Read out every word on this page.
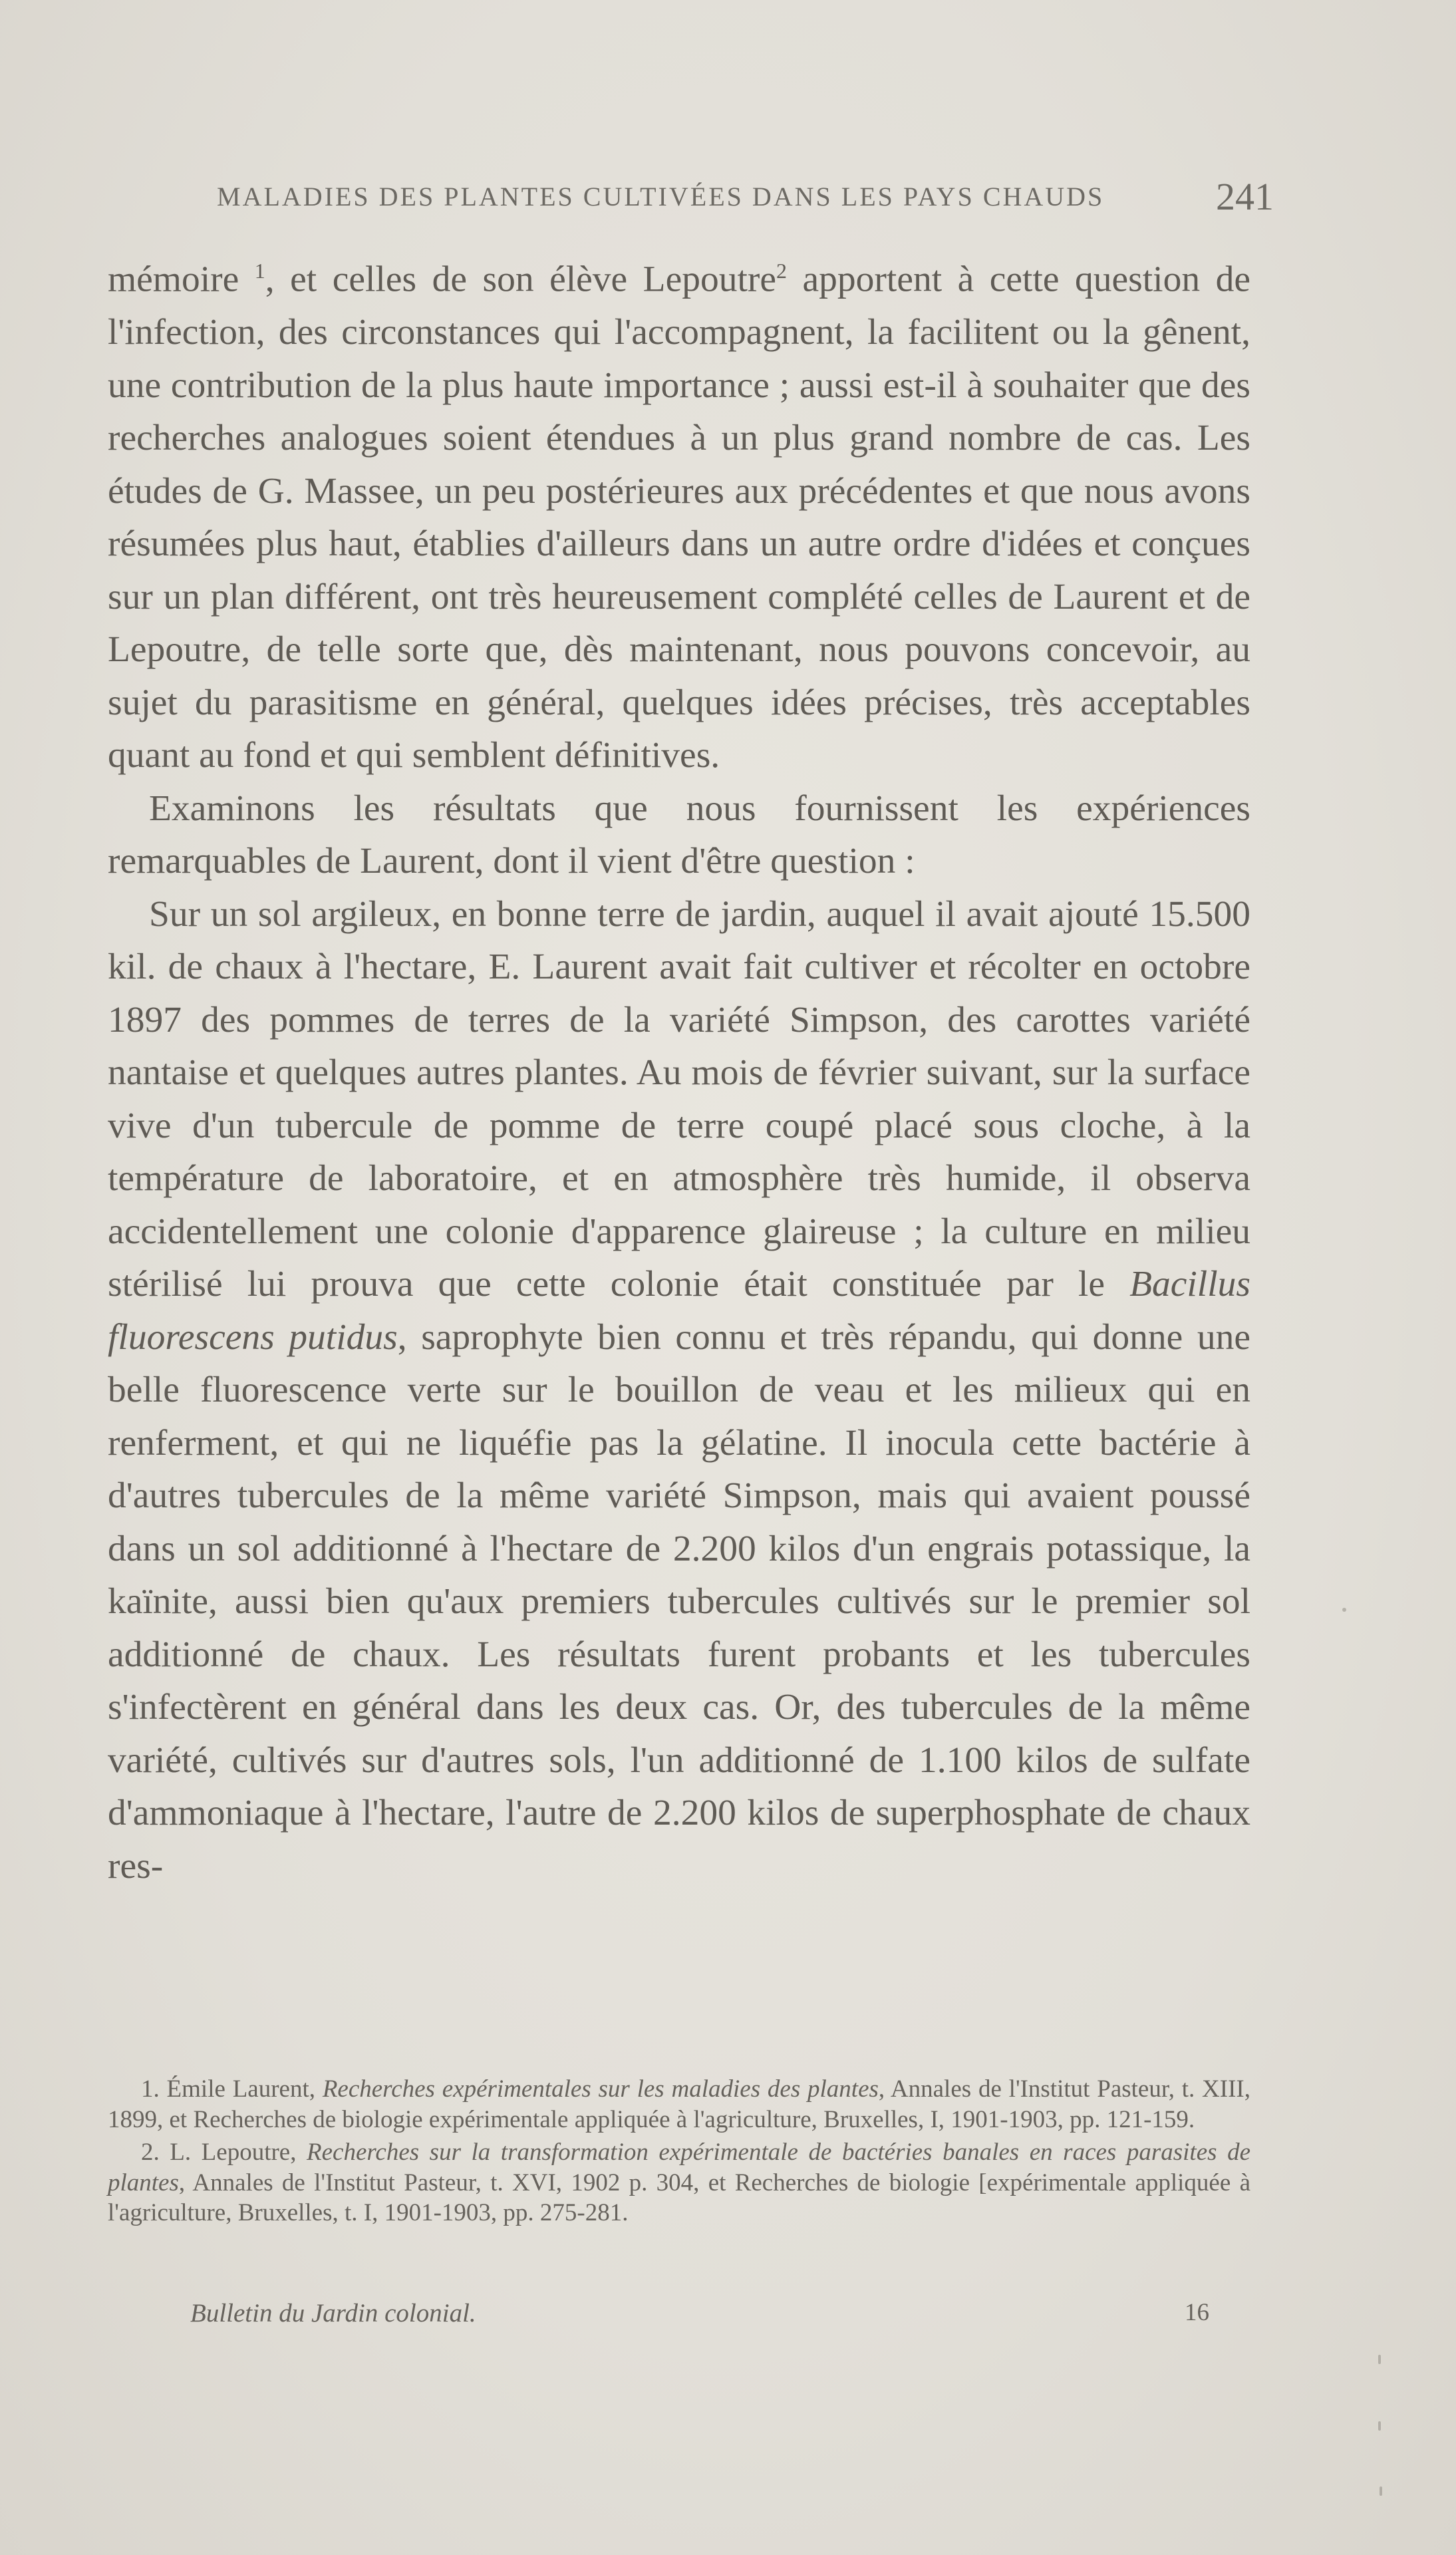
MALADIES DES PLANTES CULTIVÉES DANS LES PAYS CHAUDS	241

mémoire $^1$, et celles de son élève Lepoutre$^2$ apportent à cette question de l'infection, des circonstances qui l'accompagnent, la facilitent ou la gênent, une contribution de la plus haute importance ; aussi est-il à souhaiter que des recherches analogues soient étendues à un plus grand nombre de cas. Les études de G. Massee, un peu postérieures aux précédentes et que nous avons résumées plus haut, établies d'ailleurs dans un autre ordre d'idées et conçues sur un plan différent, ont très heureusement complété celles de Laurent et de Lepoutre, de telle sorte que, dès maintenant, nous pouvons concevoir, au sujet du parasitisme en général, quelques idées précises, très acceptables quant au fond et qui semblent définitives.

Examinons les résultats que nous fournissent les expériences remarquables de Laurent, dont il vient d'être question :

Sur un sol argileux, en bonne terre de jardin, auquel il avait ajouté 15.500 kil. de chaux à l'hectare, E. Laurent avait fait cultiver et récolter en octobre 1897 des pommes de terres de la variété Simpson, des carottes variété nantaise et quelques autres plantes. Au mois de février suivant, sur la surface vive d'un tubercule de pomme de terre coupé placé sous cloche, à la température de laboratoire, et en atmosphère très humide, il observa accidentellement une colonie d'apparence glaireuse ; la culture en milieu stérilisé lui prouva que cette colonie était constituée par le Bacillus fluorescens putidus, saprophyte bien connu et très répandu, qui donne une belle fluorescence verte sur le bouillon de veau et les milieux qui en renferment, et qui ne liquéfie pas la gélatine. Il inocula cette bactérie à d'autres tubercules de la même variété Simpson, mais qui avaient poussé dans un sol additionné à l'hectare de 2.200 kilos d'un engrais potassique, la kaïnite, aussi bien qu'aux premiers tubercules cultivés sur le premier sol additionné de chaux. Les résultats furent probants et les tubercules s'infectèrent en général dans les deux cas. Or, des tubercules de la même variété, cultivés sur d'autres sols, l'un additionné de 1.100 kilos de sulfate d'ammoniaque à l'hectare, l'autre de 2.200 kilos de superphosphate de chaux res-

1. Émile Laurent, Recherches expérimentales sur les maladies des plantes, Annales de l'Institut Pasteur, t. XIII, 1899, et Recherches de biologie expérimentale appliquée à l'agriculture, Bruxelles, I, 1901-1903, pp. 121-159.

2. L. Lepoutre, Recherches sur la transformation expérimentale de bactéries banales en races parasites de plantes, Annales de l'Institut Pasteur, t. XVI, 1902 p. 304, et Recherches de biologie [expérimentale appliquée à l'agriculture, Bruxelles, t. I, 1901-1903, pp. 275-281.

Bulletin du Jardin colonial.	16
